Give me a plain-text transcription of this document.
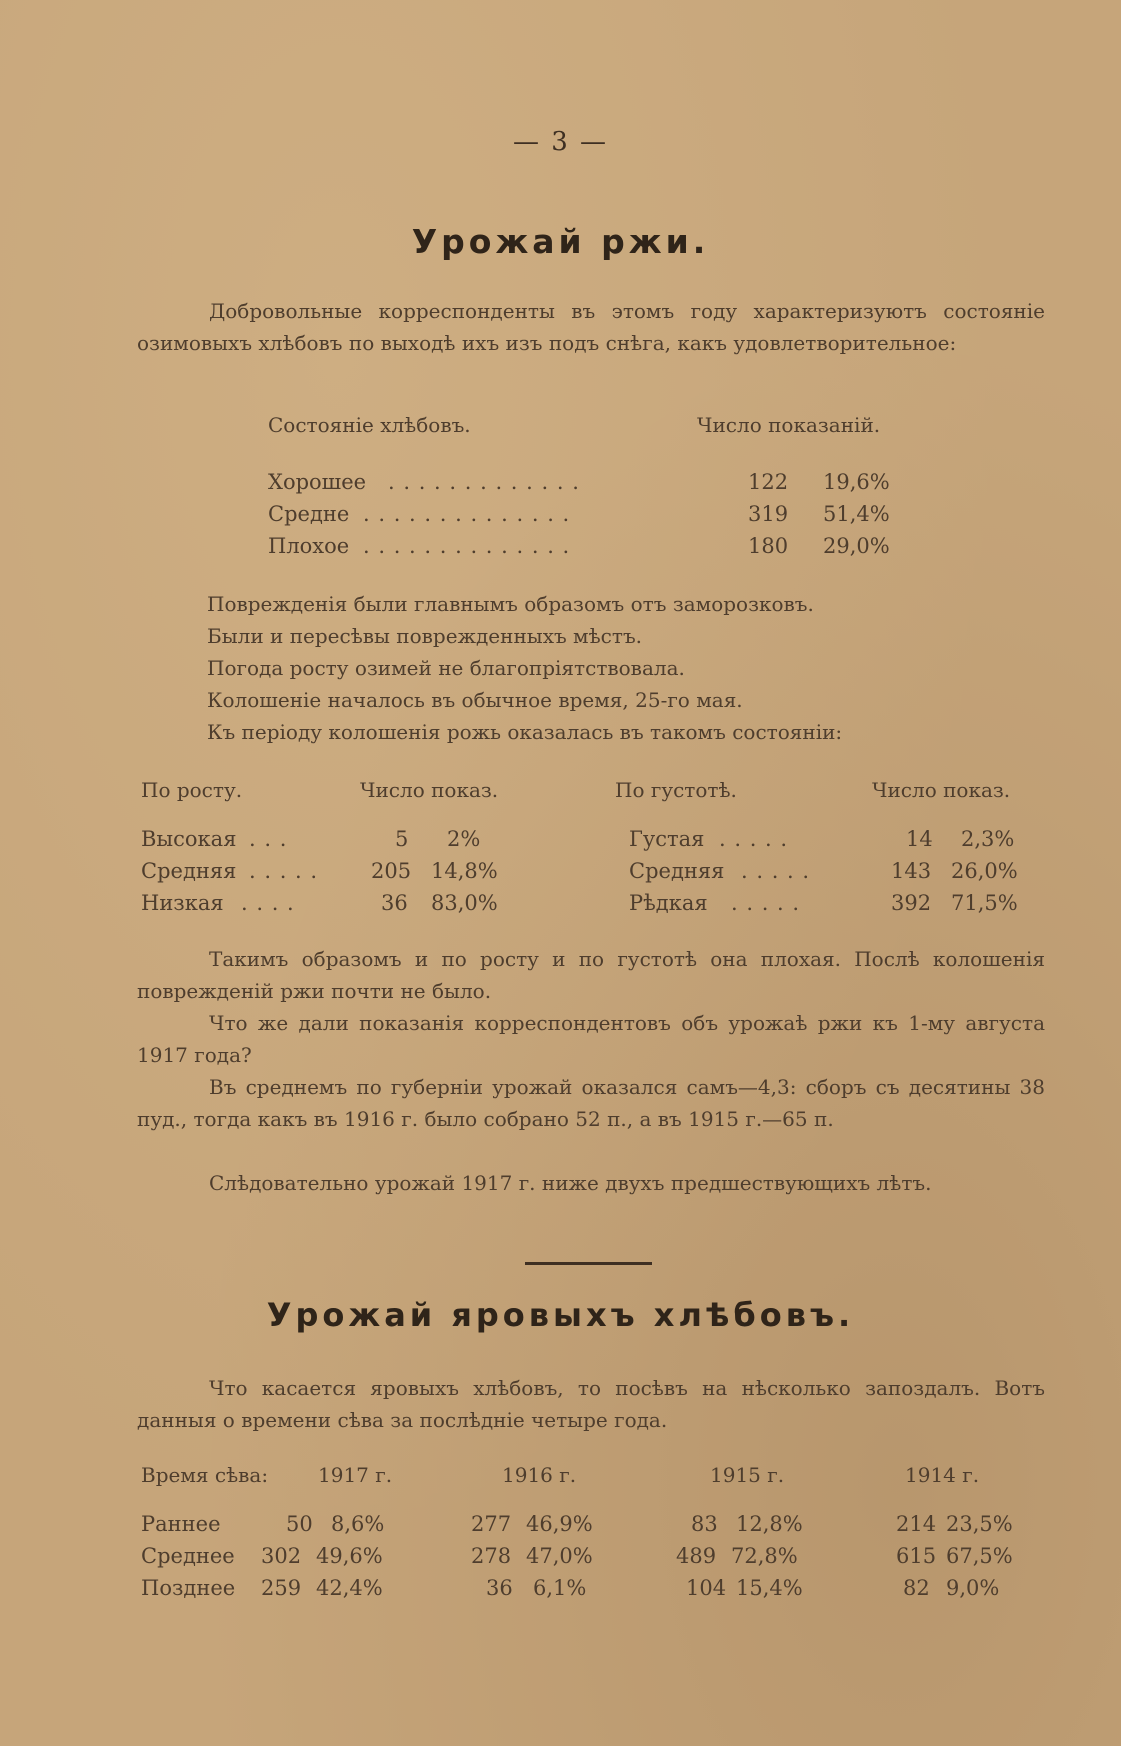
— 3 —
Урожай ржи.
Добровольные корреспонденты въ этомъ году характеризуютъ состояніе озимовыхъ хлѣбовъ по выходѣ ихъ изъ подъ снѣга, какъ удовлетворительное:
Состояніе хлѣбовъ.	Число показаній.
Хорошее . . . . . . . . . . . . .	122 19,6%
Средне . . . . . . . . . . . . . .	319 51,4%
Плохое . . . . . . . . . . . . . .	180 29,0%
Поврежденія были главнымъ образомъ отъ заморозковъ.
Были и пересѣвы поврежденныхъ мѣстъ.
Погода росту озимей не благопріятствовала.
Колошеніе началось въ обычное время, 25-го мая.
Къ періоду колошенія рожь оказалась въ такомъ состояніи:
По росту.	Число показ.	По густотѣ.	Число показ.
Высокая . . .	5 2%	Густая . . . . .	14 2,3%
Средняя . . . . .	205 14,8%	Средняя . . . . .	143 26,0%
Низкая . . . .	36 83,0%	Рѣдкая . . . . .	392 71,5%
Такимъ образомъ и по росту и по густотѣ она плохая. Послѣ колошенія поврежденій ржи почти не было.
Что же дали показанія корреспондентовъ объ урожаѣ ржи къ 1-му августа 1917 года?
Въ среднемъ по губерніи урожай оказался самъ—4,3: сборъ съ десятины 38 пуд., тогда какъ въ 1916 г. было собрано 52 п., а въ 1915 г.—65 п.
Слѣдовательно урожай 1917 г. ниже двухъ предшествующихъ лѣтъ.
Урожай яровыхъ хлѣбовъ.
Что касается яровыхъ хлѣбовъ, то посѣвъ на нѣсколько запоздалъ. Вотъ данныя о времени сѣва за послѣдніе четыре года.
Время сѣва: 1917 г.	1916 г.	1915 г.	1914 г.
Раннее	50 8,6%	277 46,9%	83 12,8%	214 23,5%
Среднее 302 49,6%	278 47,0%	489 72,8%	615 67,5%
Позднее 259 42,4%	36 6,1%	104 15,4%	82 9,0%
